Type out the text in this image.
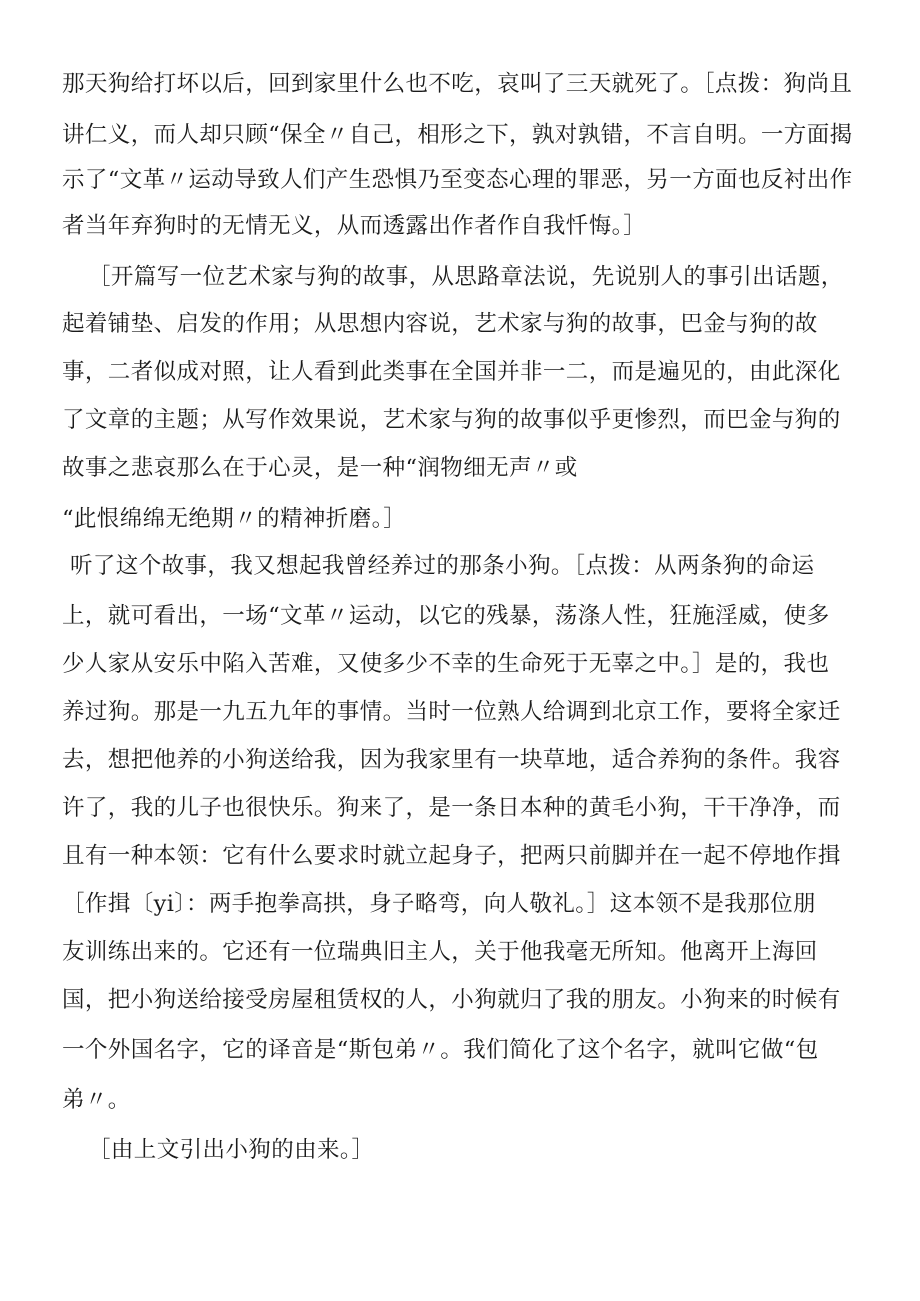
那天狗给打坏以后，回到家里什么也不吃，哀叫了三天就死了。［点拨：狗尚且
讲仁义，而人却只顾“保全〃自己，相形之下，孰对孰错，不言自明。一方面揭
示了“文革〃运动导致人们产生恐惧乃至变态心理的罪恶，另一方面也反衬出作
者当年弃狗时的无情无义，从而透露出作者作自我忏悔。］
［开篇写一位艺术家与狗的故事，从思路章法说，先说别人的事引出话题，
起着铺垫、启发的作用；从思想内容说，艺术家与狗的故事，巴金与狗的故
事，二者似成对照，让人看到此类事在全国并非一二，而是遍见的，由此深化
了文章的主题；从写作效果说，艺术家与狗的故事似乎更惨烈，而巴金与狗的
故事之悲哀那么在于心灵，是一种“润物细无声〃或
“此恨绵绵无绝期〃的精神折磨。］
听了这个故事，我又想起我曾经养过的那条小狗。［点拨：从两条狗的命运
上，就可看出，一场“文革〃运动，以它的残暴，荡涤人性，狂施淫威，使多
少人家从安乐中陷入苦难，又使多少不幸的生命死于无辜之中。］是的，我也
养过狗。那是一九五九年的事情。当时一位熟人给调到北京工作，要将全家迁
去，想把他养的小狗送给我，因为我家里有一块草地，适合养狗的条件。我容
许了，我的儿子也很快乐。狗来了，是一条日本种的黄毛小狗，干干净净，而
且有一种本领：它有什么要求时就立起身子，把两只前脚并在一起不停地作揖
［作揖〔yi〕：两手抱拳高拱，身子略弯，向人敬礼。］这本领不是我那位朋
友训练出来的。它还有一位瑞典旧主人，关于他我毫无所知。他离开上海回
国，把小狗送给接受房屋租赁权的人，小狗就归了我的朋友。小狗来的时候有
一个外国名字，它的译音是“斯包弟〃。我们简化了这个名字，就叫它做“包
弟〃。
［由上文引出小狗的由来。］
